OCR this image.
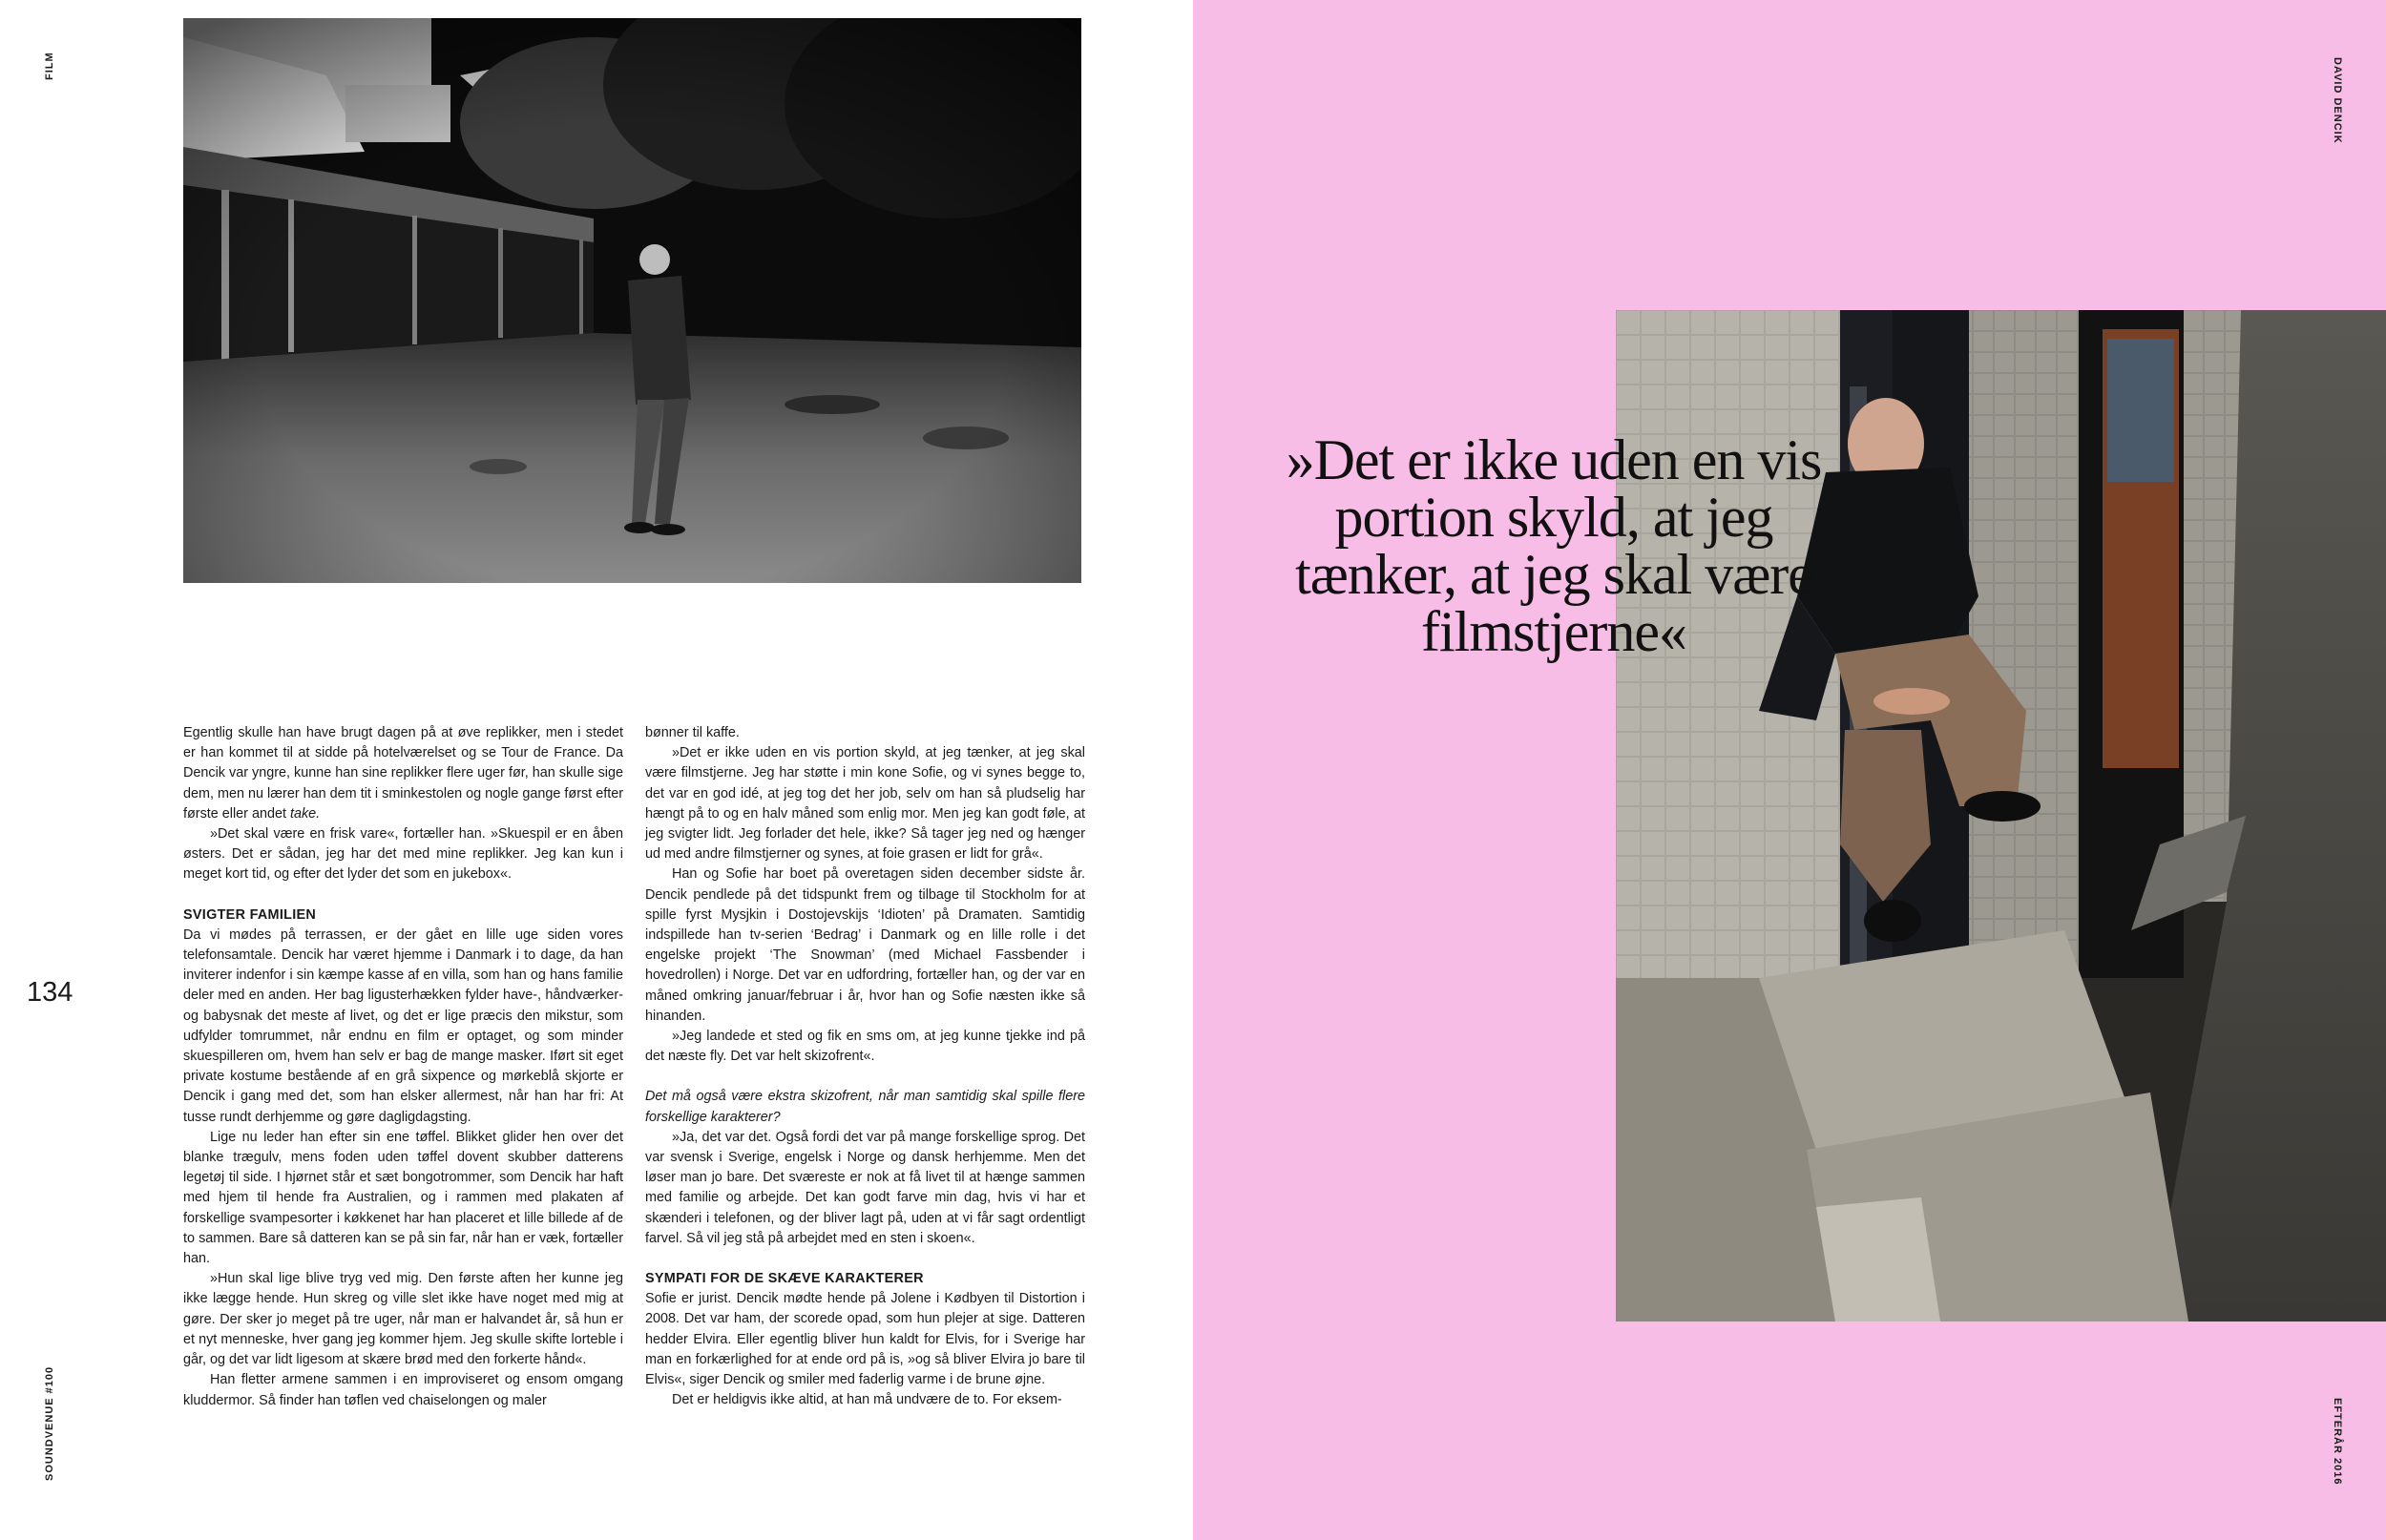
FILM
SOUNDVENUE #100
134

Egentlig skulle han have brugt dagen på at øve replikker, men i stedet er han kommet til at sidde på hotelværelset og se Tour de France. Da Dencik var yngre, kunne han sine replikker flere uger før, han skulle sige dem, men nu lærer han dem tit i sminkestolen og nogle gange først efter første eller andet take.

»Det skal være en frisk vare«, fortæller han. »Skuespil er en åben østers. Det er sådan, jeg har det med mine replikker. Jeg kan kun i meget kort tid, og efter det lyder det som en jukebox«.

SVIGTER FAMILIEN

Da vi mødes på terrassen, er der gået en lille uge siden vores telefonsamtale. Dencik har været hjemme i Danmark i to dage, da han inviterer indenfor i sin kæmpe kasse af en villa, som han og hans familie deler med en anden. Her bag ligusterhækken fylder have-, håndværker- og babysnak det meste af livet, og det er lige præcis den mikstur, som udfylder tomrummet, når endnu en film er optaget, og som minder skuespilleren om, hvem han selv er bag de mange masker. Iført sit eget private kostume bestående af en grå sixpence og mørkeblå skjorte er Dencik i gang med det, som han elsker allermest, når han har fri: At tusse rundt derhjemme og gøre dagligdagsting.

Lige nu leder han efter sin ene tøffel. Blikket glider hen over det blanke trægulv, mens foden uden tøffel dovent skubber datterens legetøj til side. I hjørnet står et sæt bongotrommer, som Dencik har haft med hjem til hende fra Australien, og i rammen med plakaten af forskellige svampesorter i køkkenet har han placeret et lille billede af de to sammen. Bare så datteren kan se på sin far, når han er væk, fortæller han.

»Hun skal lige blive tryg ved mig. Den første aften her kunne jeg ikke lægge hende. Hun skreg og ville slet ikke have noget med mig at gøre. Der sker jo meget på tre uger, når man er halvandet år, så hun er et nyt menneske, hver gang jeg kommer hjem. Jeg skulle skifte lorteble i går, og det var lidt ligesom at skære brød med den forkerte hånd«.

Han fletter armene sammen i en improviseret og ensom omgang kluddermor. Så finder han tøflen ved chaiselongen og maler

bønner til kaffe.

»Det er ikke uden en vis portion skyld, at jeg tænker, at jeg skal være filmstjerne. Jeg har støtte i min kone Sofie, og vi synes begge to, det var en god idé, at jeg tog det her job, selv om han så pludselig har hængt på to og en halv måned som enlig mor. Men jeg kan godt føle, at jeg svigter lidt. Jeg forlader det hele, ikke? Så tager jeg ned og hænger ud med andre filmstjerner og synes, at foie grasen er lidt for grå«.

Han og Sofie har boet på overetagen siden december sidste år. Dencik pendlede på det tidspunkt frem og tilbage til Stockholm for at spille fyrst Mysjkin i Dostojevskijs ‘Idioten’ på Dramaten. Samtidig indspillede han tv-serien ‘Bedrag’ i Danmark og en lille rolle i det engelske projekt ‘The Snowman’ (med Michael Fassbender i hovedrollen) i Norge. Det var en udfordring, fortæller han, og der var en måned omkring januar/februar i år, hvor han og Sofie næsten ikke så hinanden.

»Jeg landede et sted og fik en sms om, at jeg kunne tjekke ind på det næste fly. Det var helt skizofrent«.

Det må også være ekstra skizofrent, når man samtidig skal spille flere forskellige karakterer?

»Ja, det var det. Også fordi det var på mange forskellige sprog. Det var svensk i Sverige, engelsk i Norge og dansk herhjemme. Men det løser man jo bare. Det sværeste er nok at få livet til at hænge sammen med familie og arbejde. Det kan godt farve min dag, hvis vi har et skænderi i telefonen, og der bliver lagt på, uden at vi får sagt ordentligt farvel. Så vil jeg stå på arbejdet med en sten i skoen«.

SYMPATI FOR DE SKÆVE KARAKTERER

Sofie er jurist. Dencik mødte hende på Jolene i Kødbyen til Distortion i 2008. Det var ham, der scorede opad, som hun plejer at sige. Datteren hedder Elvira. Eller egentlig bliver hun kaldt for Elvis, for i Sverige har man en forkærlighed for at ende ord på is, »og så bliver Elvira jo bare til Elvis«, siger Dencik og smiler med faderlig varme i de brune øjne.

Det er heldigvis ikke altid, at han må undvære de to. For eksem-

DAVID DENCIK
EFTERÅR 2016
»Det er ikke uden en vis portion skyld, at jeg tænker, at jeg skal være filmstjerne«
